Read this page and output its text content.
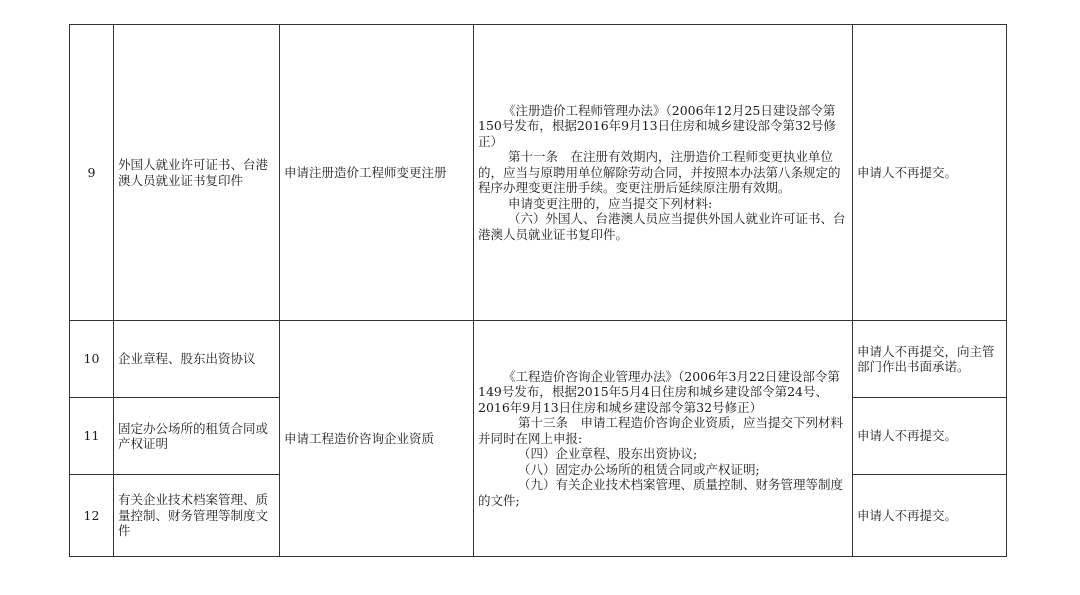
9	外国人就业许可证书、台港澳人员就业证书复印件	申请注册造价工程师变更注册	《注册造价工程师管理办法》（2006年12月25日建设部令第150号发布，根据2016年9月13日住房和城乡建设部令第32号修正）

第十一条　在注册有效期内，注册造价工程师变更执业单位的，应当与原聘用单位解除劳动合同，并按照本办法第八条规定的程序办理变更注册手续。变更注册后延续原注册有效期。

申请变更注册的，应当提交下列材料:

（六）外国人、台港澳人员应当提供外国人就业许可证书、台港澳人员就业证书复印件。	申请人不再提交。
10	企业章程、股东出资协议	申请工程造价咨询企业资质	《工程造价咨询企业管理办法》（2006年3月22日建设部令第149号发布，根据2015年5月4日住房和城乡建设部令第24号、2016年9月13日住房和城乡建设部令第32号修正）

第十三条　申请工程造价咨询企业资质，应当提交下列材料并同时在网上申报:

（四）企业章程、股东出资协议;

（八）固定办公场所的租赁合同或产权证明;

（九）有关企业技术档案管理、质量控制、财务管理等制度的文件;	申请人不再提交，向主管部门作出书面承诺。
11	固定办公场所的租赁合同或产权证明			申请人不再提交。
12	有关企业技术档案管理、质量控制、财务管理等制度文件			申请人不再提交。
